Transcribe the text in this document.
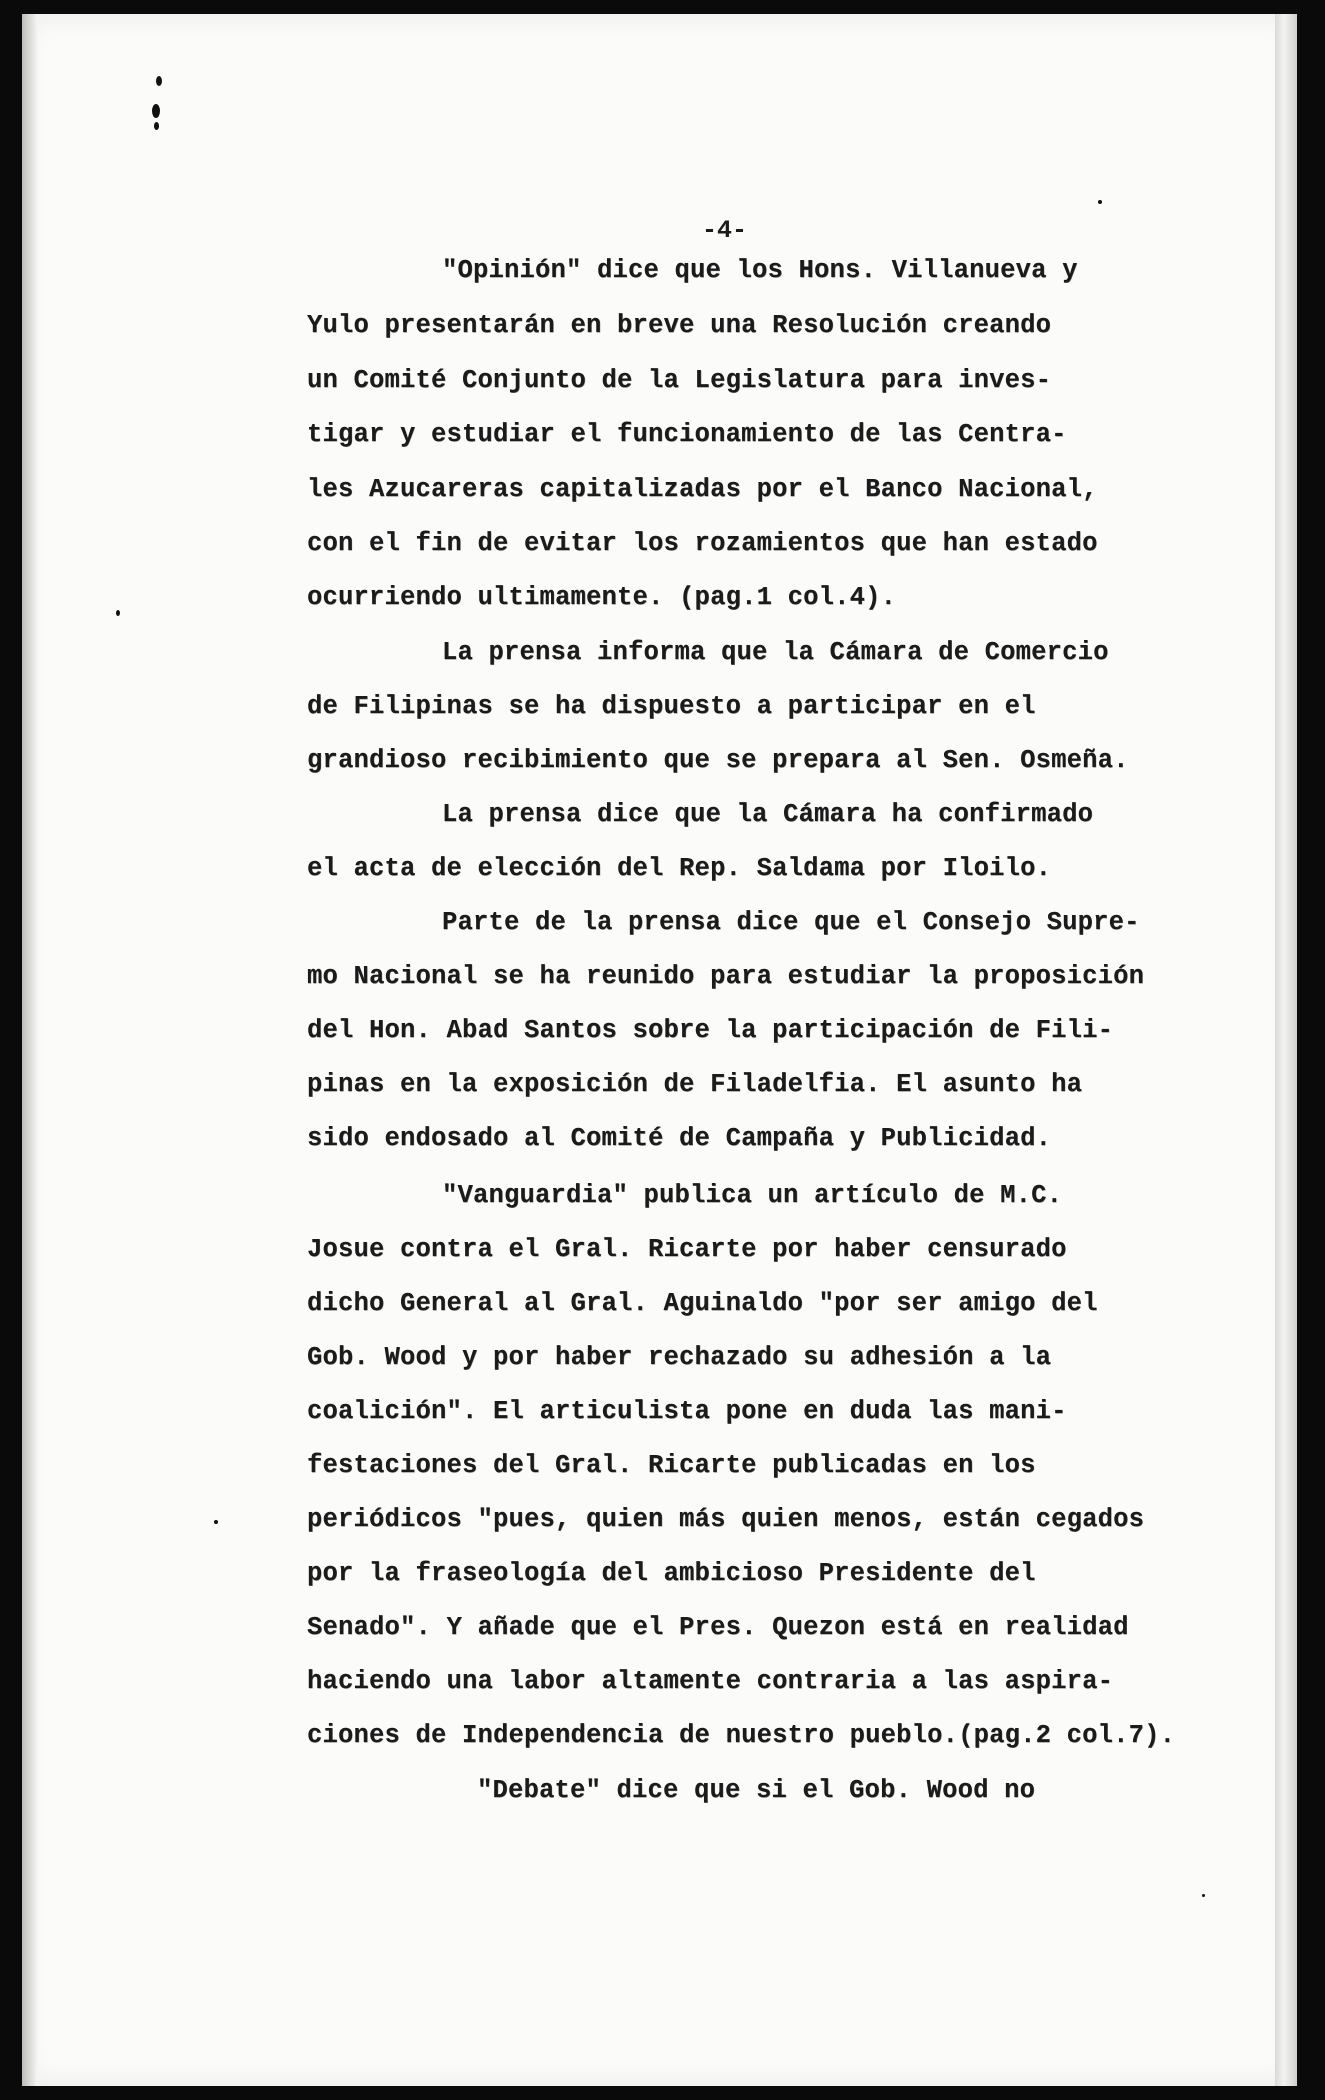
-4-
"Opinión" dice que los Hons. Villanueva y
Yulo presentarán en breve una Resolución creando
un Comité Conjunto de la Legislatura para inves-
tigar y estudiar el funcionamiento de las Centra-
les Azucareras capitalizadas por el Banco Nacional,
con el fin de evitar los rozamientos que han estado
ocurriendo ultimamente. (pag.1 col.4).
La prensa informa que la Cámara de Comercio
de Filipinas se ha dispuesto a participar en el
grandioso recibimiento que se prepara al Sen. Osmeña.
La prensa dice que la Cámara ha confirmado
el acta de elección del Rep. Saldama por Iloilo.
Parte de la prensa dice que el Consejo Supre-
mo Nacional se ha reunido para estudiar la proposición
del Hon. Abad Santos sobre la participación de Fili-
pinas en la exposición de Filadelfia. El asunto ha
sido endosado al Comité de Campaña y Publicidad.
"Vanguardia" publica un artículo de M.C.
Josue contra el Gral. Ricarte por haber censurado
dicho General al Gral. Aguinaldo "por ser amigo del
Gob. Wood y por haber rechazado su adhesión a la
coalición". El articulista pone en duda las mani-
festaciones del Gral. Ricarte publicadas en los
periódicos "pues, quien más quien menos, están cegados
por la fraseología del ambicioso Presidente del
Senado". Y añade que el Pres. Quezon está en realidad
haciendo una labor altamente contraria a las aspira-
ciones de Independencia de nuestro pueblo.(pag.2 col.7).
"Debate" dice que si el Gob. Wood no
